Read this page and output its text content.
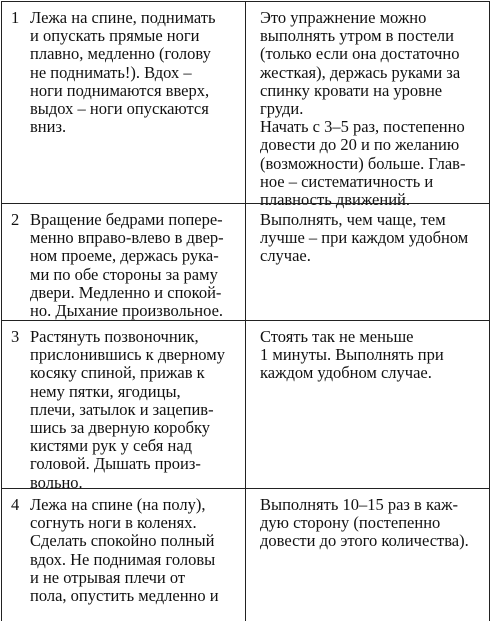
1 Лежа на спине, поднимать
и опускать прямые ноги
плавно, медленно (голову
не поднимать!). Вдох –
ноги поднимаются вверх,
выдох – ноги опускаются
вниз.
Это упражнение можно
выполнять утром в постели
(только если она достаточно
жесткая), держась руками за
спинку кровати на уровне
груди.
Начать с 3–5 раз, постепенно
довести до 20 и по желанию
(возможности) больше. Глав-
ное – систематичность и
плавность движений.
2 Вращение бедрами попере-
менно вправо-влево в двер-
ном проеме, держась рука-
ми по обе стороны за раму
двери. Медленно и спокой-
но. Дыхание произвольное.
Выполнять, чем чаще, тем
лучше – при каждом удобном
случае.
3 Растянуть позвоночник,
прислонившись к дверному
косяку спиной, прижав к
нему пятки, ягодицы,
плечи, затылок и зацепив-
шись за дверную коробку
кистями рук у себя над
головой. Дышать произ-
вольно.
Стоять так не меньше
1 минуты. Выполнять при
каждом удобном случае.
4 Лежа на спине (на полу),
согнуть ноги в коленях.
Сделать спокойно полный
вдох. Не поднимая головы
и не отрывая плечи от
пола, опустить медленно и
Выполнять 10–15 раз в каж-
дую сторону (постепенно
довести до этого количества).
